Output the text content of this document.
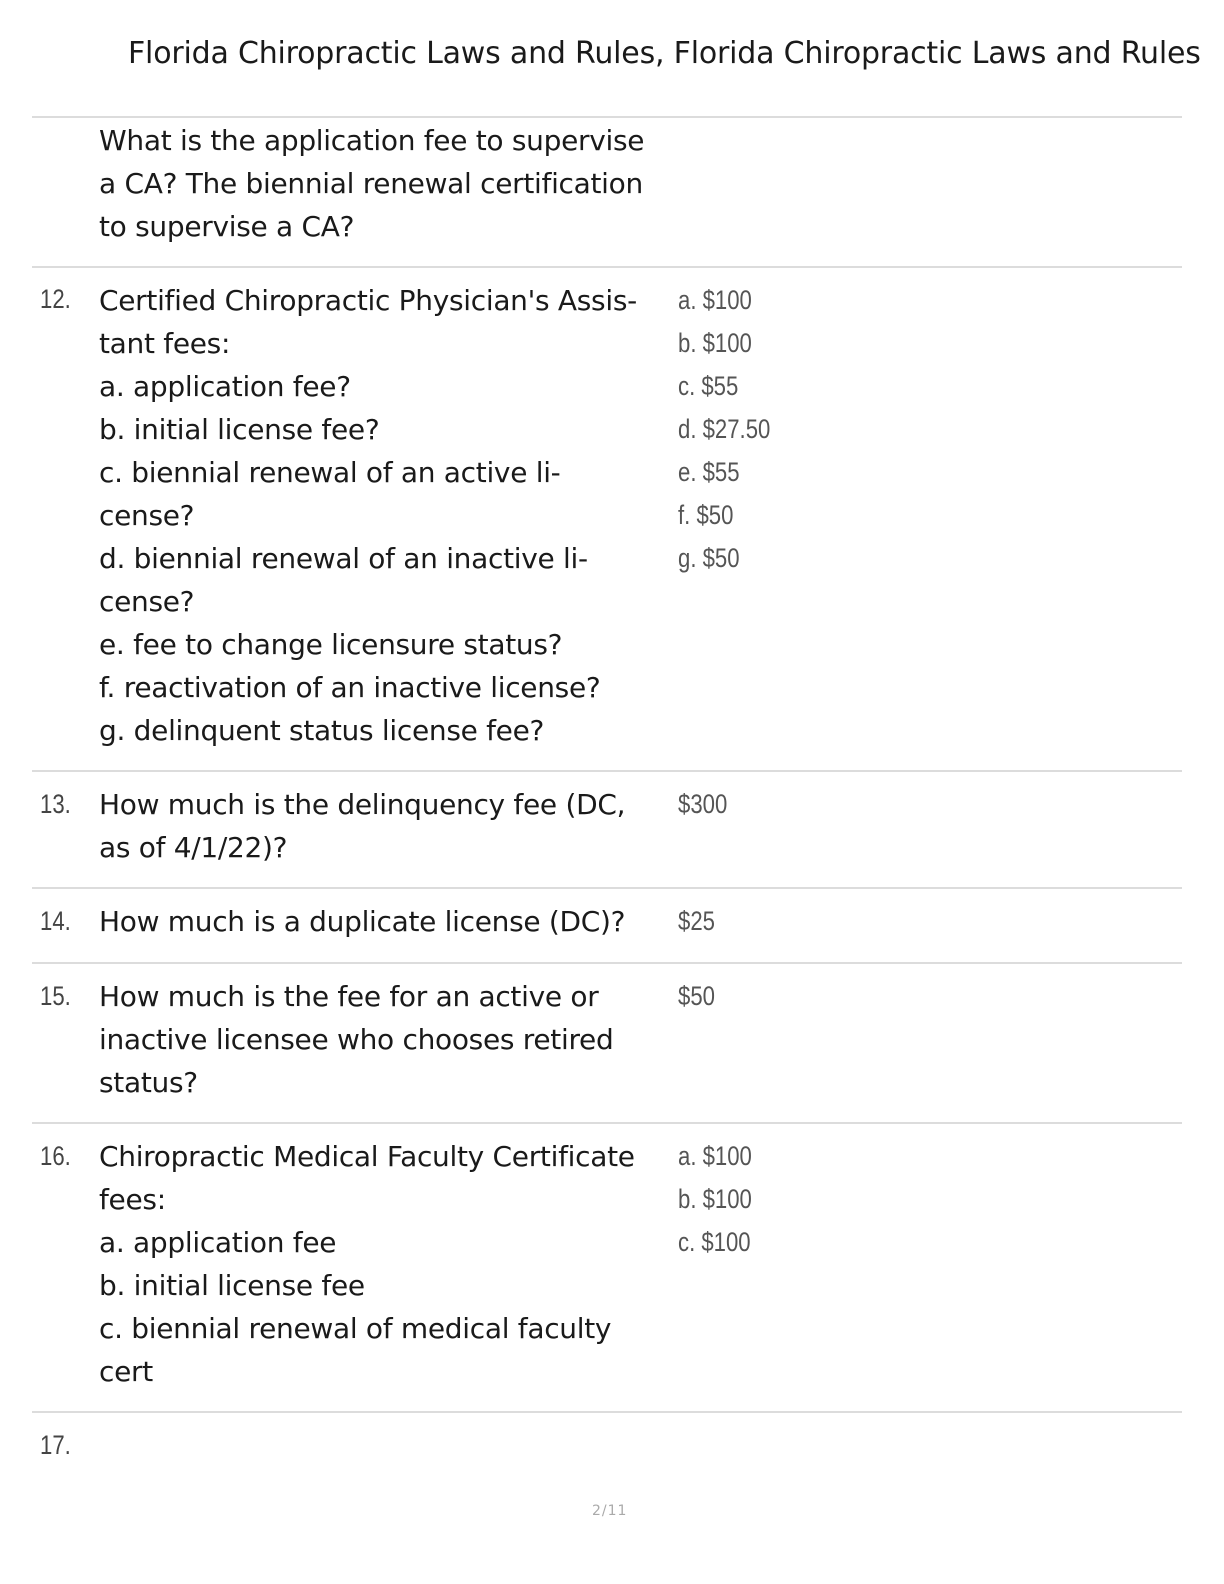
Florida Chiropractic Laws and Rules, Florida Chiropractic Laws and Rules
What is the application fee to supervise
a CA? The biennial renewal certification
to supervise a CA?
12. Certified Chiropractic Physician's Assis-
tant fees:
a. application fee?
b. initial license fee?
c. biennial renewal of an active li-
cense?
d. biennial renewal of an inactive li-
cense?
e. fee to change licensure status?
f. reactivation of an inactive license?
g. delinquent status license fee?
a. $100
b. $100
c. $55
d. $27.50
e. $55
f. $50
g. $50
13. How much is the delinquency fee (DC,
as of 4/1/22)?
$300
14. How much is a duplicate license (DC)?	$25
15. How much is the fee for an active or
inactive licensee who chooses retired
status?
$50
16. Chiropractic Medical Faculty Certificate
fees:
a. application fee
b. initial license fee
c. biennial renewal of medical faculty
cert
a. $100
b. $100
c. $100
17.
2/11
